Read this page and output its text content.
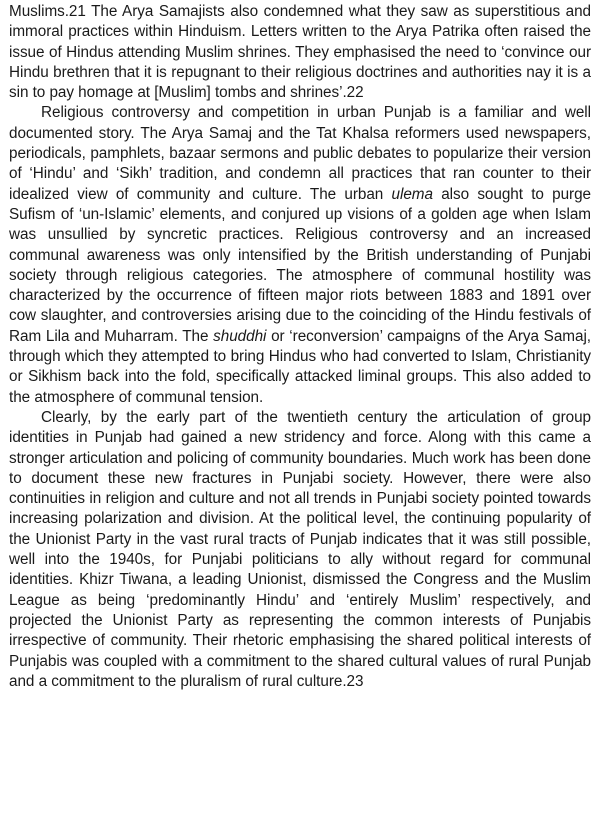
Muslims.21 The Arya Samajists also condemned what they saw as superstitious and immoral practices within Hinduism. Letters written to the Arya Patrika often raised the issue of Hindus attending Muslim shrines. They emphasised the need to ‘convince our Hindu brethren that it is repugnant to their religious doctrines and authorities nay it is a sin to pay homage at [Muslim] tombs and shrines’.22

Religious controversy and competition in urban Punjab is a familiar and well documented story. The Arya Samaj and the Tat Khalsa reformers used newspapers, periodicals, pamphlets, bazaar sermons and public debates to popularize their version of ‘Hindu’ and ‘Sikh’ tradition, and condemn all practices that ran counter to their idealized view of community and culture. The urban ulema also sought to purge Sufism of ‘un-Islamic’ elements, and conjured up visions of a golden age when Islam was unsullied by syncretic practices. Religious controversy and an increased communal awareness was only intensified by the British understanding of Punjabi society through religious categories. The atmosphere of communal hostility was characterized by the occurrence of fifteen major riots between 1883 and 1891 over cow slaughter, and controversies arising due to the coinciding of the Hindu festivals of Ram Lila and Muharram. The shuddhi or ‘reconversion’ campaigns of the Arya Samaj, through which they attempted to bring Hindus who had converted to Islam, Christianity or Sikhism back into the fold, specifically attacked liminal groups. This also added to the atmosphere of communal tension.

Clearly, by the early part of the twentieth century the articulation of group identities in Punjab had gained a new stridency and force. Along with this came a stronger articulation and policing of community boundaries. Much work has been done to document these new fractures in Punjabi society. However, there were also continuities in religion and culture and not all trends in Punjabi society pointed towards increasing polarization and division. At the political level, the continuing popularity of the Unionist Party in the vast rural tracts of Punjab indicates that it was still possible, well into the 1940s, for Punjabi politicians to ally without regard for communal identities. Khizr Tiwana, a leading Unionist, dismissed the Congress and the Muslim League as being ‘predominantly Hindu’ and ‘entirely Muslim’ respectively, and projected the Unionist Party as representing the common interests of Punjabis irrespective of community. Their rhetoric emphasising the shared political interests of Punjabis was coupled with a commitment to the shared cultural values of rural Punjab and a commitment to the pluralism of rural culture.23
